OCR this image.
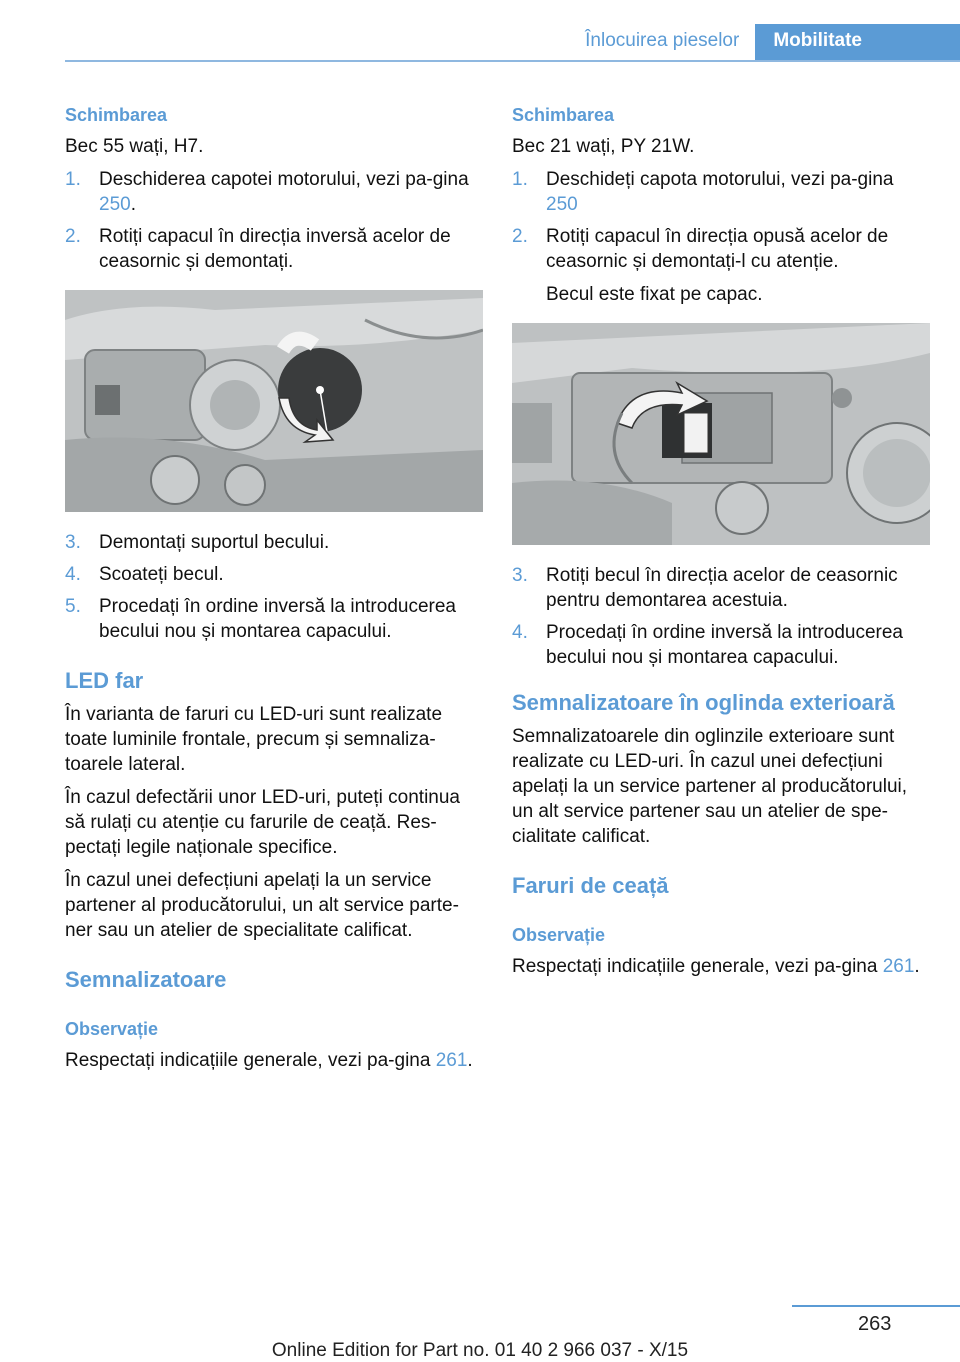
Înlocuirea pieselor	Mobilitate
Schimbarea

Bec 55 wați, H7.

1. Deschiderea capotei motorului, vezi pa-gina 250.
2. Rotiți capacul în direcția inversă acelor de ceasornic și demontați.
3. Demontați suportul becului.
4. Scoateți becul.
5. Procedați în ordine inversă la introducerea becului nou și montarea capacului.
LED far

În varianta de faruri cu LED-uri sunt realizate toate luminile frontale, precum și semnaliza-toarele lateral.

În cazul defectării unor LED-uri, puteți continua să rulați cu atenție cu farurile de ceață. Res-pectați legile naționale specifice.

În cazul unei defecțiuni apelați la un service partener al producătorului, un alt service parte-ner sau un atelier de specialitate calificat.

Semnalizatoare
Observație

Respectați indicațiile generale, vezi pa-gina 261.

Schimbarea

Bec 21 wați, PY 21W.

1. Deschideți capota motorului, vezi pa-gina 250
2. Rotiți capacul în direcția opusă acelor de ceasornic și demontați-l cu atenție.
Becul este fixat pe capac.
3. Rotiți becul în direcția acelor de ceasornic pentru demontarea acestuia.
4. Procedați în ordine inversă la introducerea becului nou și montarea capacului.
Semnalizatoare în oglinda exterioară

Semnalizatoarele din oglinzile exterioare sunt realizate cu LED-uri. În cazul unei defecțiuni apelați la un service partener al producătorului, un alt service partener sau un atelier de spe-cialitate calificat.

Faruri de ceață
Observație

Respectați indicațiile generale, vezi pa-gina 261.

263
Online Edition for Part no. 01 40 2 966 037 - X/15
